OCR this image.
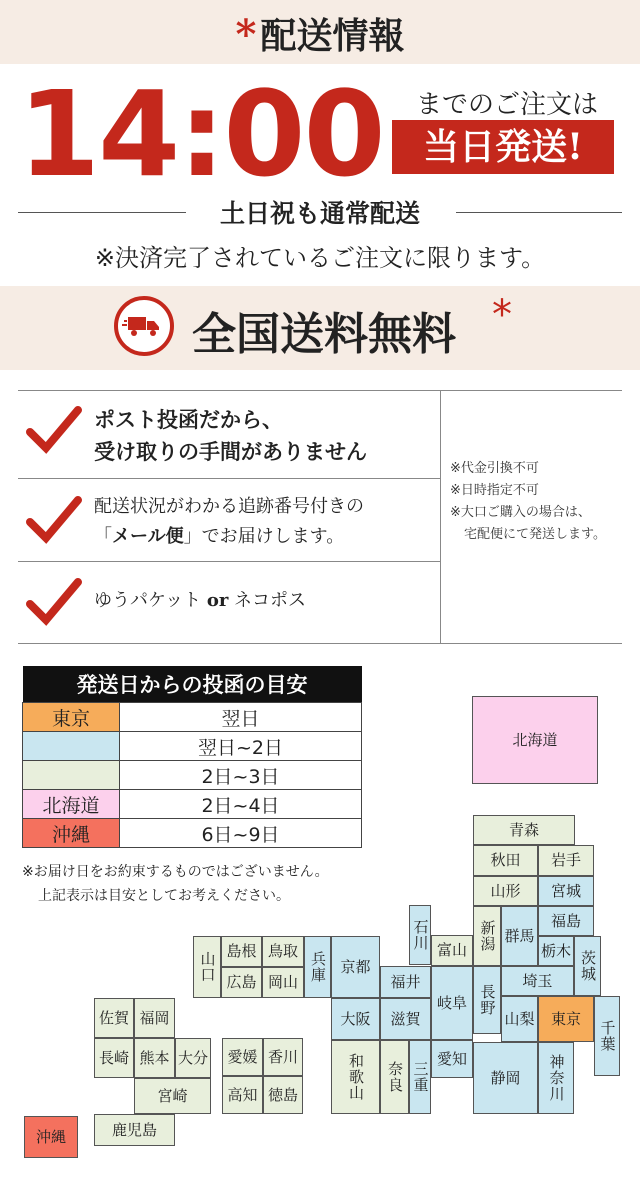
* 配送情報
14:00	までのご注文は
当日発送!
土日祝も通常配送
※決済完了されているご注文に限ります。
全国送料無料 *
ポスト投函だから、
受け取りの手間がありません
配送状況がわかる追跡番号付きの
「メール便」でお届けします。
ゆうパケット or ネコポス
※代金引換不可
※日時指定不可
※大口ご購入の場合は、
宅配便にて発送します。
発送日からの投函の目安	
東京	翌日
	翌日~2日
	2日~3日
北海道	2日~4日
沖縄	6日~9日
※お届け日をお約束するものではございません。
上記表示は目安としてお考えください。
北海道
青森
秋田	岩手
山形	宮城
新潟 群馬
福島
栃木 茨城
石川 富山
長野
埼玉
福井
岐阜
山梨	東京
千葉
京都
大阪	滋賀
愛知
和歌山	奈良 三重	静岡	神奈川
兵庫
山口 島根 鳥取
広島 岡山
佐賀 福岡
長崎 熊本 大分
宮崎
鹿児島
愛媛 香川
高知 徳島
沖縄
